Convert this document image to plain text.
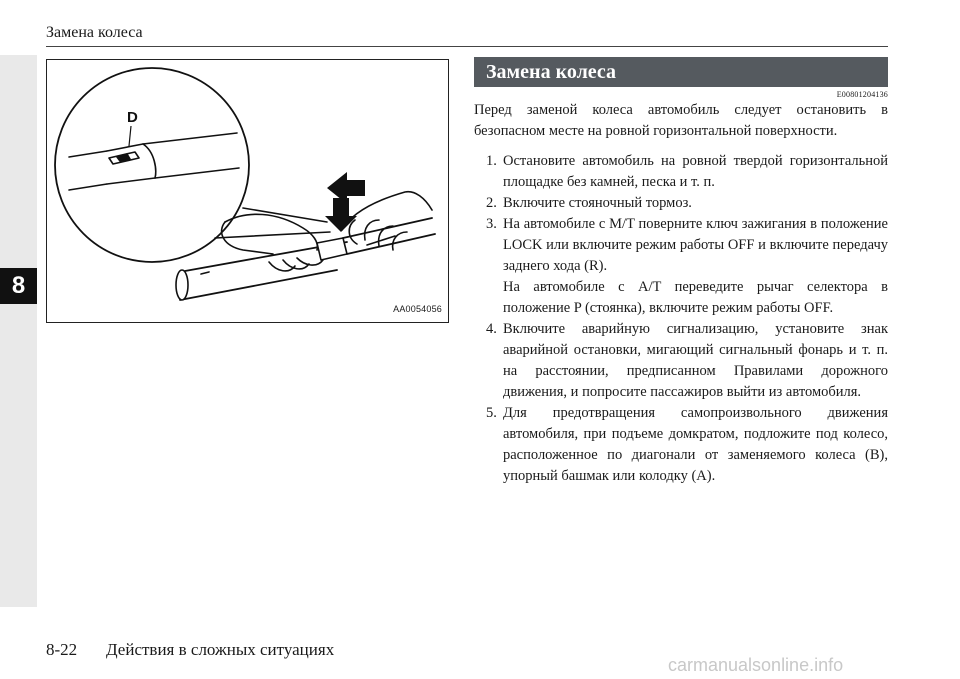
8
Замена колеса
D
AA0054056
Замена колеса
E00801204136

Перед заменой колеса автомобиль следует остановить в безопасном месте на ровной горизонтальной поверхности.

1. Остановите автомобиль на ровной твердой горизонтальной площадке без камней, песка и т. п.
2. Включите стояночный тормоз.
3. На автомобиле с M/T поверните ключ зажигания в положение LOCK или включите режим работы OFF и включите передачу заднего хода (R).
На автомобиле с A/T переведите рычаг селектора в положение P (стоянка), включите режим работы OFF.
4. Включите аварийную сигнализацию, установите знак аварийной остановки, мигающий сигнальный фонарь и т. п. на расстоянии, предписанном Правилами дорожного движения, и попросите пассажиров выйти из автомобиля.
5. Для предотвращения самопроизвольного движения автомобиля, при подъеме домкратом, подложите под колесо, расположенное по диагонали от заменяемого колеса (B), упорный башмак или колодку (A).
8-22 Действия в сложных ситуациях
carmanualsonline.info
